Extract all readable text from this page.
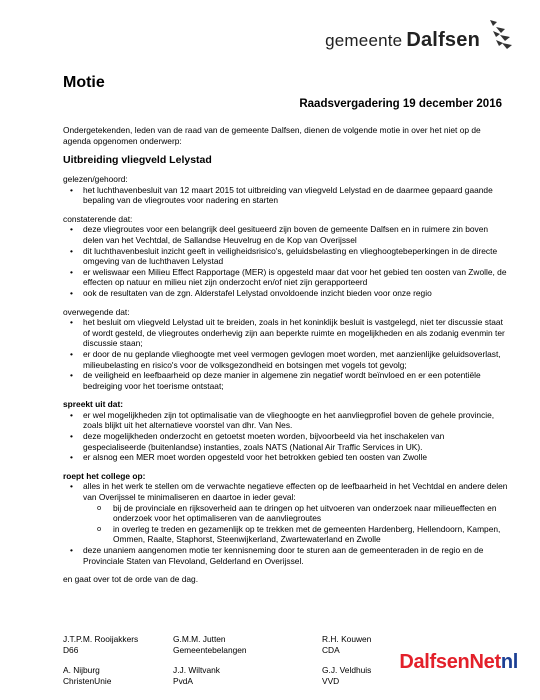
gemeente Dalfsen
Motie
Raadsvergadering 19 december 2016
Ondergetekenden, leden van de raad van de gemeente Dalfsen, dienen de volgende motie in over het niet op de agenda opgenomen onderwerp:
Uitbreiding vliegveld Lelystad
gelezen/gehoord:
• het luchthavenbesluit van 12 maart 2015 tot uitbreiding van vliegveld Lelystad en de daarmee gepaard gaande bepaling van de vliegroutes voor nadering en starten
constaterende dat:
• deze vliegroutes voor een belangrijk deel gesitueerd zijn boven de gemeente Dalfsen en in ruimere zin boven delen van het Vechtdal, de Sallandse Heuvelrug en de Kop van Overijssel
• dit luchthavenbesluit inzicht geeft in veiligheidsrisico's, geluidsbelasting en vlieghoogtebeperkingen in de directe omgeving van de luchthaven Lelystad
• er weliswaar een Milieu Effect Rapportage (MER) is opgesteld maar dat voor het gebied ten oosten van Zwolle, de effecten op natuur en milieu niet zijn onderzocht en/of niet zijn gerapporteerd
• ook de resultaten van de zgn. Alderstafel Lelystad onvoldoende inzicht bieden voor onze regio
overwegende dat:
• het besluit om vliegveld Lelystad uit te breiden, zoals in het koninklijk besluit is vastgelegd, niet ter discussie staat of wordt gesteld, de vliegroutes onderhevig zijn aan beperkte ruimte en mogelijkheden en als zodanig evenmin ter discussie staan;
• er door de nu geplande vlieghoogte met veel vermogen gevlogen moet worden, met aanzienlijke geluidsoverlast, milieubelasting en risico's voor de volksgezondheid en botsingen met vogels tot gevolg;
• de veiligheid en leefbaarheid op deze manier in algemene zin negatief wordt beïnvloed en er een potentiële bedreiging voor het toerisme ontstaat;
spreekt uit dat:
• er wel mogelijkheden zijn tot optimalisatie van de vlieghoogte en het aanvliegprofiel boven de gehele provincie, zoals blijkt uit het alternatieve voorstel van dhr. Van Nes.
• deze mogelijkheden onderzocht en getoetst moeten worden, bijvoorbeeld via het inschakelen van gespecialiseerde (buitenlandse) instanties, zoals NATS (National Air Traffic Services in UK).
• er alsnog een MER moet worden opgesteld voor het betrokken gebied ten oosten van Zwolle
roept het college op:
• alles in het werk te stellen om de verwachte negatieve effecten op de leefbaarheid in het Vechtdal en andere delen van Overijssel te minimaliseren en daartoe in ieder geval:
o bij de provinciale en rijksoverheid aan te dringen op het uitvoeren van onderzoek naar milieueffecten en onderzoek voor het optimaliseren van de aanvliegroutes
o in overleg te treden en gezamenlijk op te trekken met de gemeenten Hardenberg, Hellendoorn, Kampen, Ommen, Raalte, Staphorst, Steenwijkerland, Zwartewaterland en Zwolle
• deze unaniem aangenomen motie ter kennisneming door te sturen aan de gemeenteraden in de regio en de Provinciale Staten van Flevoland, Gelderland en Overijssel.
en gaat over tot de orde van de dag.
J.T.P.M. Rooijakkers
D66
G.M.M. Jutten
Gemeentebelangen
R.H. Kouwen
CDA
A. Nijburg
ChristenUnie
J.J. Wiltvank
PvdA
G.J. Veldhuis
VVD
DalfsenNetnl
